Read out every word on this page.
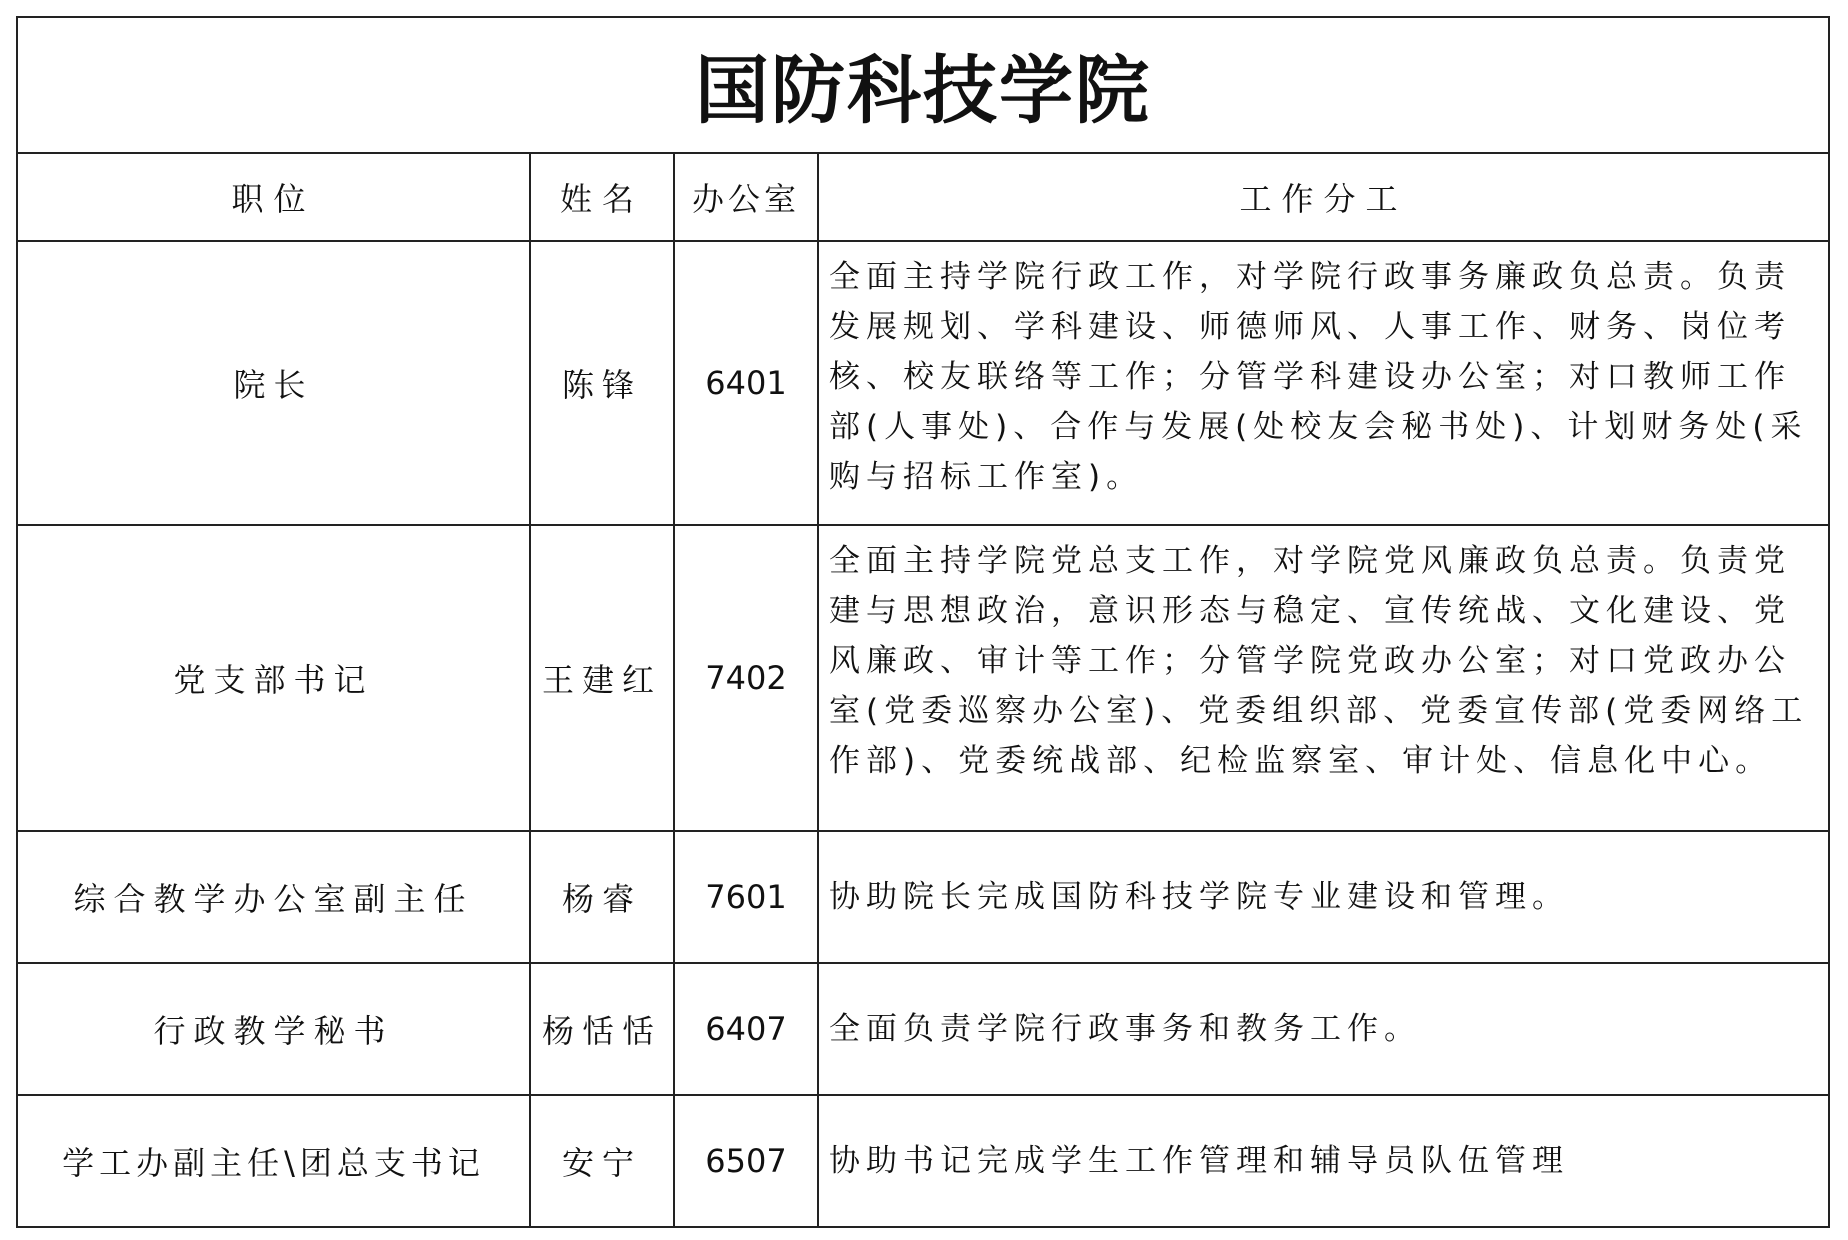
国防科技学院			
职位	姓名	办公室	工作分工
院长	陈锋	6401	全面主持学院行政工作，对学院行政事务廉政负总责。负责发展规划、学科建设、师德师风、人事工作、财务、岗位考核、校友联络等工作；分管学科建设办公室；对口教师工作部(人事处)、合作与发展(处校友会秘书处)、计划财务处(采购与招标工作室)。
党支部书记	王建红	7402	全面主持学院党总支工作，对学院党风廉政负总责。负责党建与思想政治，意识形态与稳定、宣传统战、文化建设、党风廉政、审计等工作；分管学院党政办公室；对口党政办公室(党委巡察办公室)、党委组织部、党委宣传部(党委网络工作部)、党委统战部、纪检监察室、审计处、信息化中心。
综合教学办公室副主任	杨睿	7601	协助院长完成国防科技学院专业建设和管理。
行政教学秘书	杨恬恬	6407	全面负责学院行政事务和教务工作。
学工办副主任\团总支书记	安宁	6507	协助书记完成学生工作管理和辅导员队伍管理
